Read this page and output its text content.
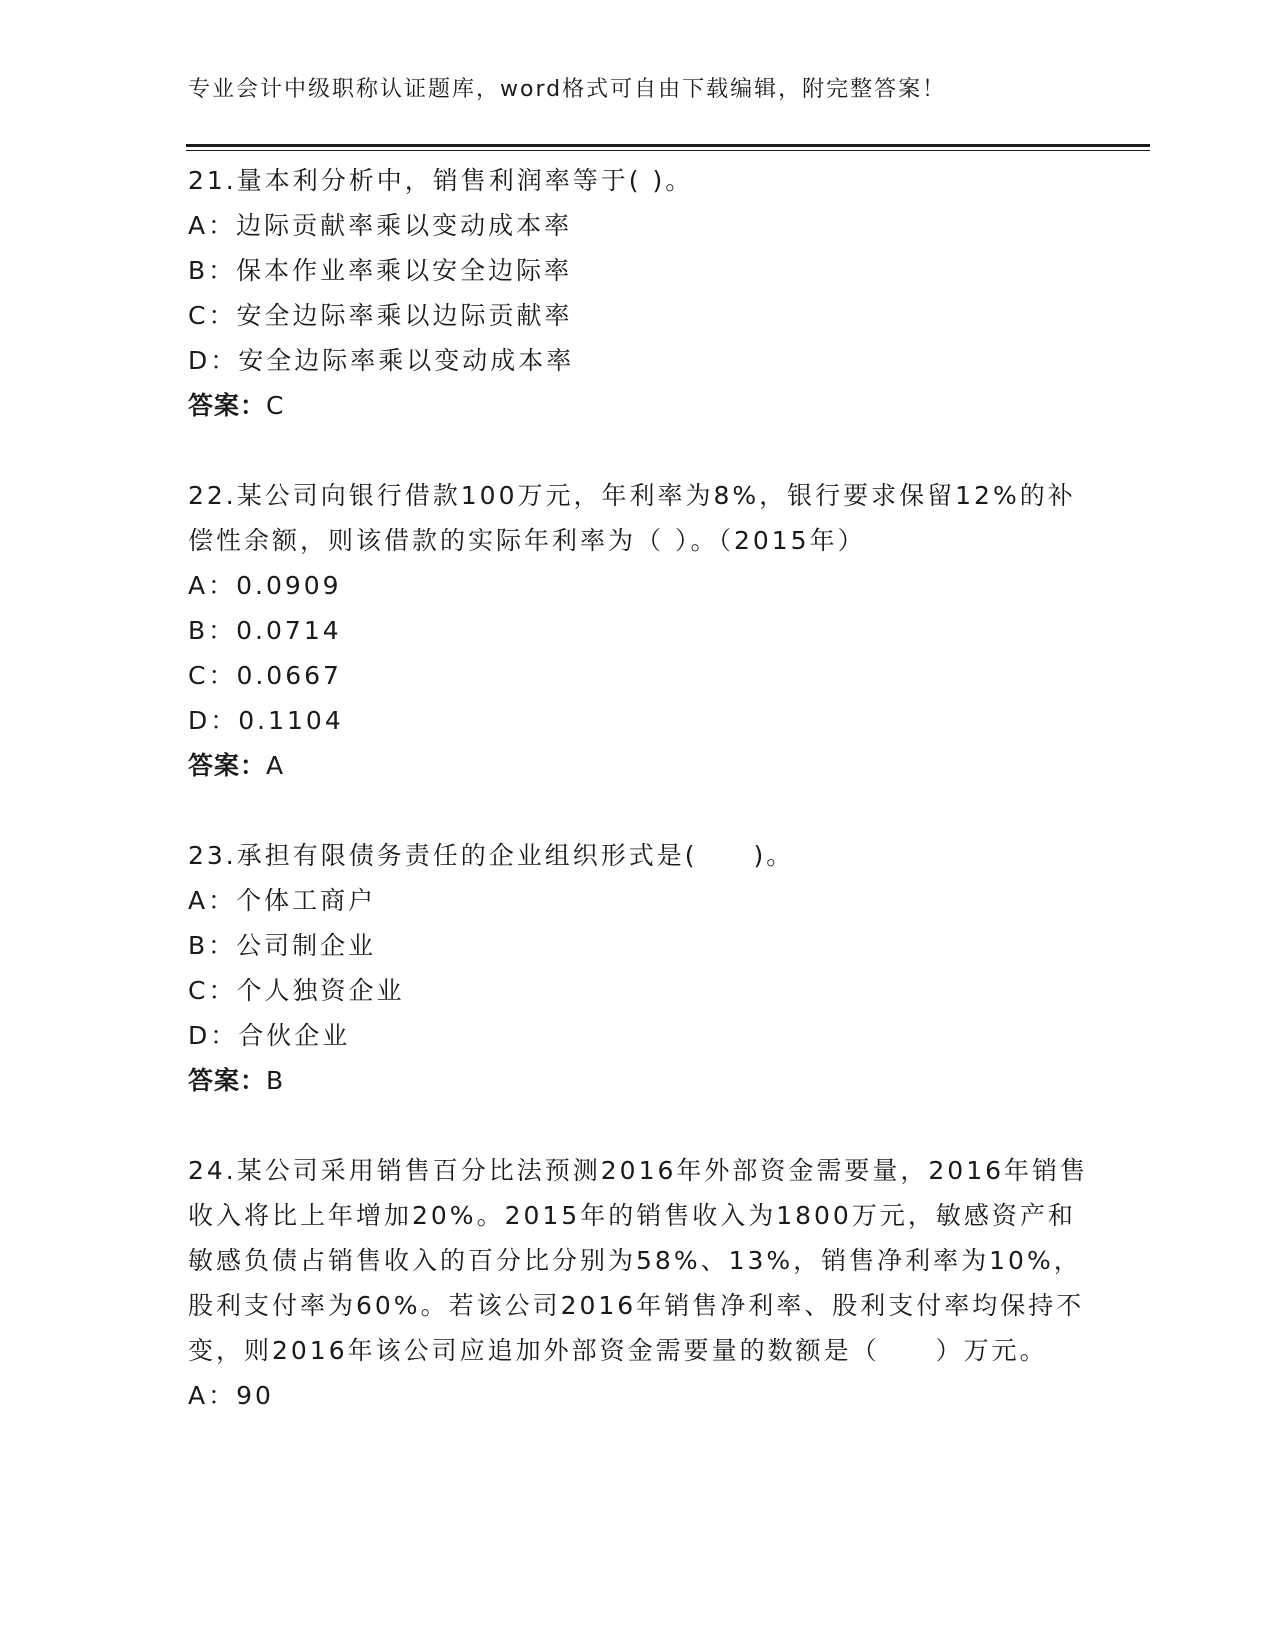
专业会计中级职称认证题库，word格式可自由下载编辑，附完整答案！

21.量本利分析中，销售利润率等于( )。

A：边际贡献率乘以变动成本率

B：保本作业率乘以安全边际率

C：安全边际率乘以边际贡献率

D：安全边际率乘以变动成本率

答案：C

22.某公司向银行借款100万元，年利率为8%，银行要求保留12%的补偿性余额，则该借款的实际年利率为（ ）。（2015年）

A：0.0909

B：0.0714

C：0.0667

D：0.1104

答案：A

23.承担有限债务责任的企业组织形式是(　　)。

A：个体工商户

B：公司制企业

C：个人独资企业

D：合伙企业

答案：B

24.某公司采用销售百分比法预测2016年外部资金需要量，2016年销售收入将比上年增加20%。2015年的销售收入为1800万元，敏感资产和敏感负债占销售收入的百分比分别为58%、13%，销售净利率为10%，股利支付率为60%。若该公司2016年销售净利率、股利支付率均保持不变，则2016年该公司应追加外部资金需要量的数额是（　　）万元。

A：90
